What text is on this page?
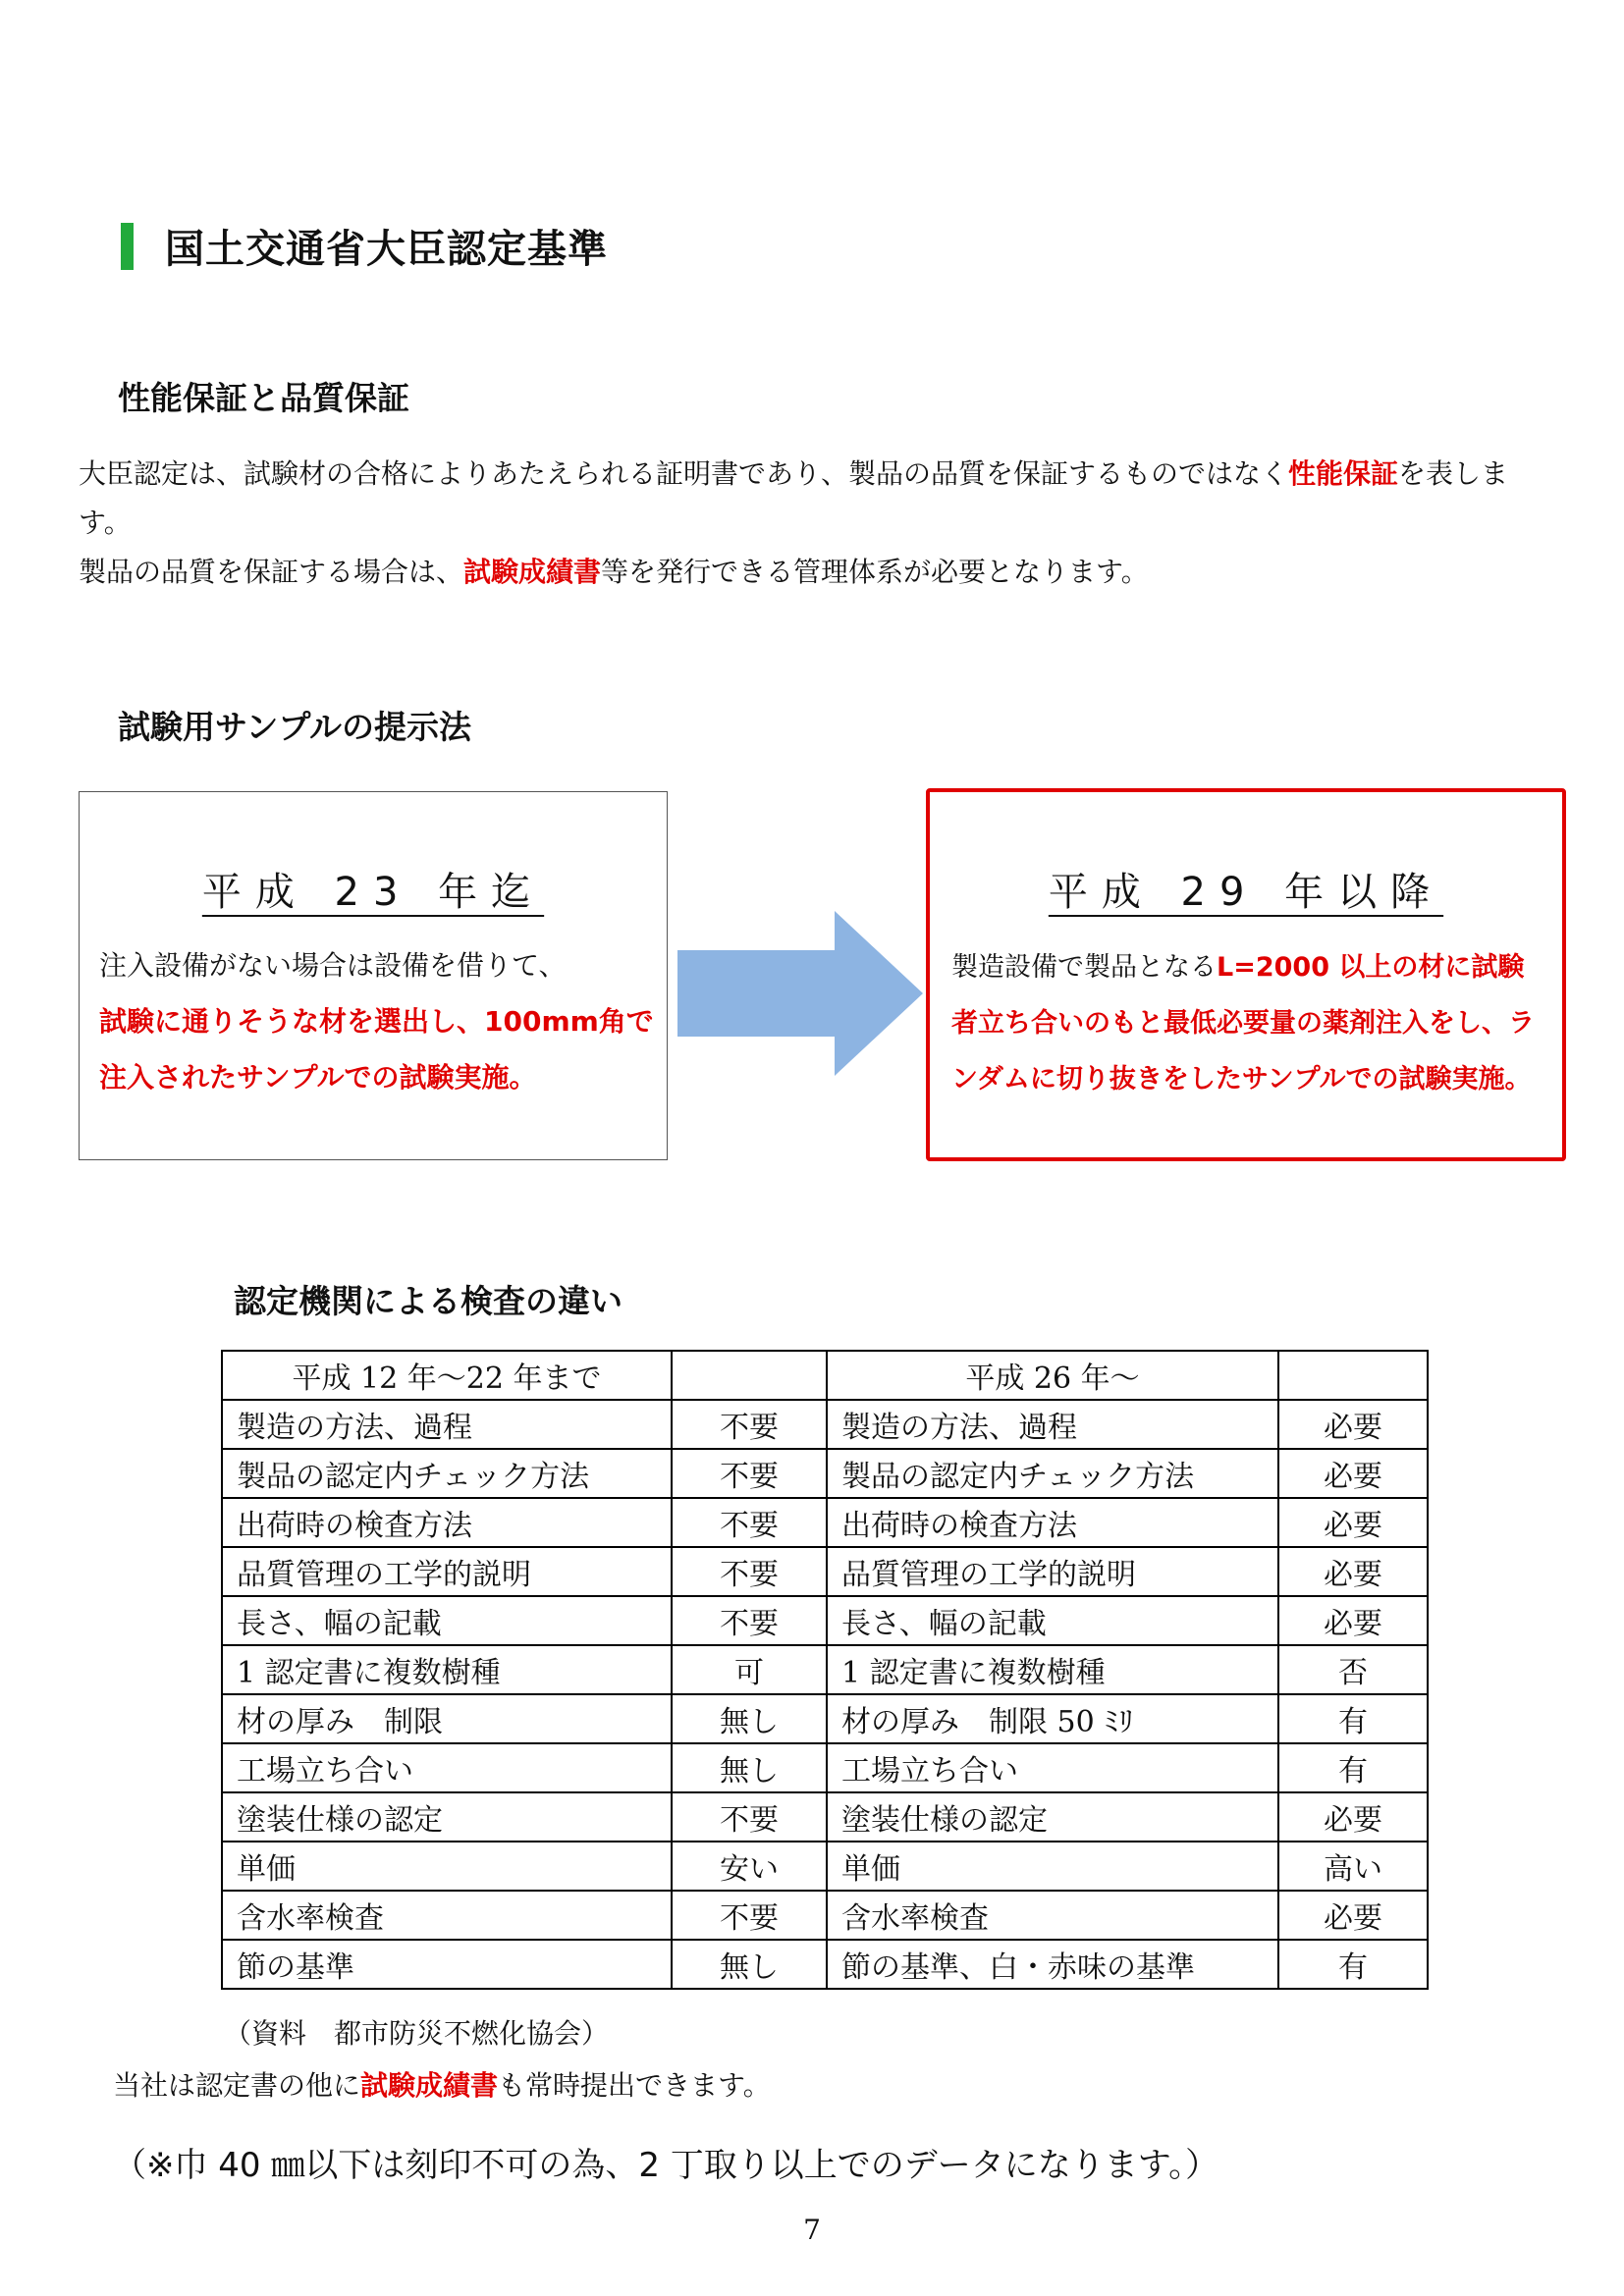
国土交通省大臣認定基準
性能保証と品質保証

大臣認定は、試験材の合格によりあたえられる証明書であり、製品の品質を保証するものではなく性能保証を表します。

製品の品質を保証する場合は、試験成績書等を発行できる管理体系が必要となります。

試験用サンプルの提示法
平成 23 年迄
注入設備がない場合は設備を借りて、
試験に通りそうな材を選出し、100mm角で注入されたサンプルでの試験実施。
平成 29 年以降
製造設備で製品となるL=2000 以上の材に試験者立ち合いのもと最低必要量の薬剤注入をし、ランダムに切り抜きをしたサンプルでの試験実施。
認定機関による検査の違い
平成 12 年～22 年まで		平成 26 年～	
製造の方法、過程	不要	製造の方法、過程	必要
製品の認定内チェック方法	不要	製品の認定内チェック方法	必要
出荷時の検査方法	不要	出荷時の検査方法	必要
品質管理の工学的説明	不要	品質管理の工学的説明	必要
長さ、幅の記載	不要	長さ、幅の記載	必要
1 認定書に複数樹種	可	1 認定書に複数樹種	否
材の厚み　制限	無し	材の厚み　制限 50 ﾐﾘ	有
工場立ち合い	無し	工場立ち合い	有
塗装仕様の認定	不要	塗装仕様の認定	必要
単価	安い	単価	高い
含水率検査	不要	含水率検査	必要
節の基準	無し	節の基準、白・赤味の基準	有
（資料　都市防災不燃化協会）
当社は認定書の他に試験成績書も常時提出できます。
（※巾 40 ㎜以下は刻印不可の為、2 丁取り以上でのデータになります。）
7
